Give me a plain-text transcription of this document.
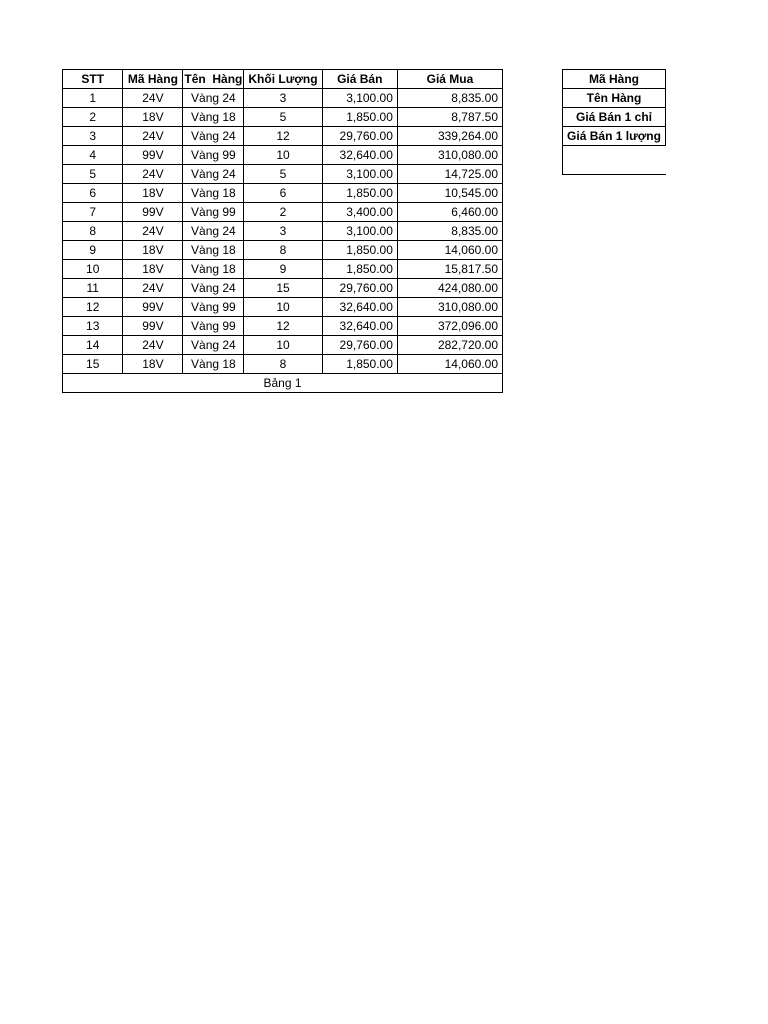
STT	Mã Hàng	Tên  Hàng	Khối Lượng	Giá Bán	Giá Mua
1	24V	Vàng 24	3	3,100.00	8,835.00
2	18V	Vàng 18	5	1,850.00	8,787.50
3	24V	Vàng 24	12	29,760.00	339,264.00
4	99V	Vàng 99	10	32,640.00	310,080.00
5	24V	Vàng 24	5	3,100.00	14,725.00
6	18V	Vàng 18	6	1,850.00	10,545.00
7	99V	Vàng 99	2	3,400.00	6,460.00
8	24V	Vàng 24	3	3,100.00	8,835.00
9	18V	Vàng 18	8	1,850.00	14,060.00
10	18V	Vàng 18	9	1,850.00	15,817.50
11	24V	Vàng 24	15	29,760.00	424,080.00
12	99V	Vàng 99	10	32,640.00	310,080.00
13	99V	Vàng 99	12	32,640.00	372,096.00
14	24V	Vàng 24	10	29,760.00	282,720.00
15	18V	Vàng 18	8	1,850.00	14,060.00
Bảng 1					
Mã Hàng
Tên Hàng
Giá Bán 1 chỉ
Giá Bán 1 lượng
